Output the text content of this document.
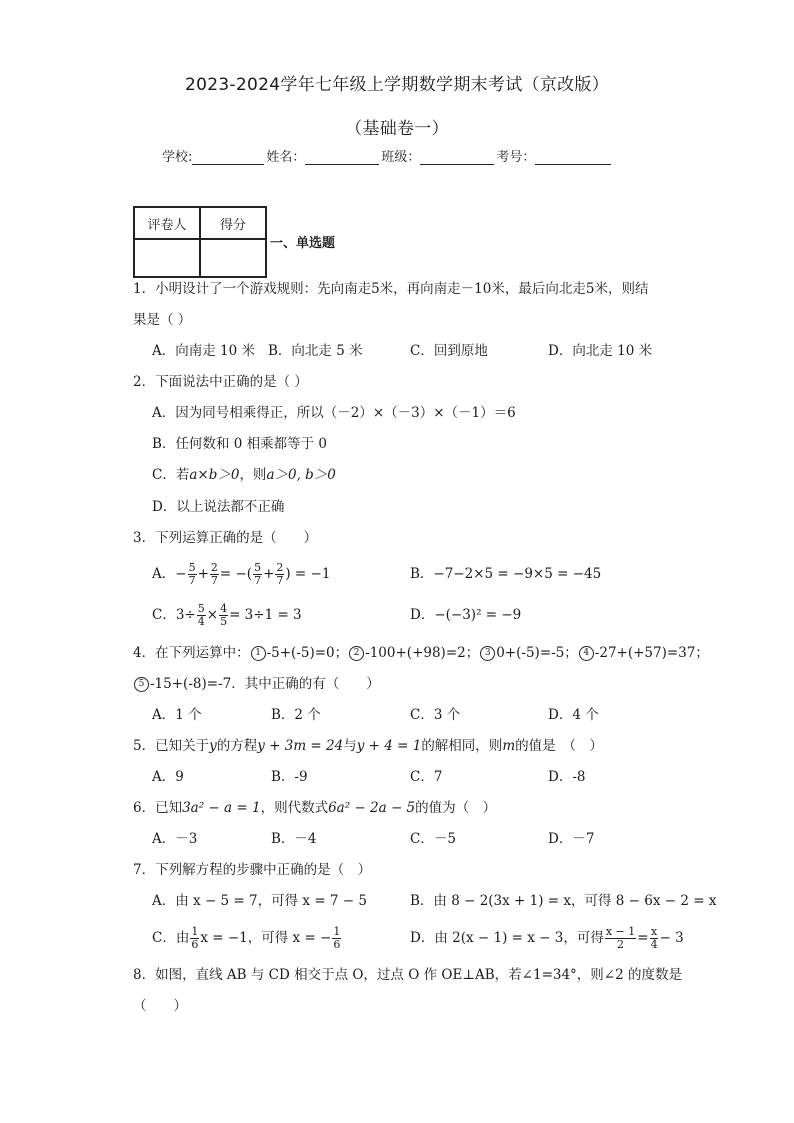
2023-2024学年七年级上学期数学期末考试（京改版）
（基础卷一）
学校:	姓名：	班级：	考号：
评卷人	得分

一、单选题
1．小明设计了一个游戏规则：先向南走5米，再向南走－10米，最后向北走5米，则结
果是（ ）
A．向南走 10 米 B．向北走 5 米	C．回到原地	D．向北走 10 米
2．下面说法中正确的是（ ）
A．因为同号相乘得正，所以（－2）×（－3）×（－1）＝6
B．任何数和 0 相乘都等于 0
C．若a×b＞0，则a＞0, b＞0
D．以上说法都不正确
3．下列运算正确的是（　　）
A．− $\frac{5}{7} + \frac{2}{7}$ = −( $\frac{5}{7} + \frac{2}{7}$ ) = −1	B．−7−2×5 = −9×5 = −45
C．$3\div \frac{5}{4} \times \frac{4}{5} = 3\div 1 = 3$	D．−(−3)² = −9
4．在下列运算中： 1 -5+(-5)=0； 2 -100+(+98)=2； 3 0+(-5)=-5； 4 -27+(+57)=37；
5 -15+(-8)=-7．其中正确的有（　　）
A．1 个	B．2 个	C．3 个	D．4 个
5．已知关于y的方程y + 3m = 24与y + 4 = 1的解相同，则m的值是　（　）
A．9	B．-9	C．7	D．-8
6．已知3a² − a = 1，则代数式6a² − 2a − 5的值为（　）
A．－3	B．－4	C．－5	D．－7
7．下列解方程的步骤中正确的是（　）
A．由 x − 5 = 7，可得 x = 7 − 5	B．由 8 − 2(3x + 1) = x，可得 8 − 6x − 2 = x
C．由 $\frac{1}{6}$ x = −1，可得 x = − $\frac{1}{6}$	D．由 2(x − 1) = x − 3，可得 $\frac{x - 1}{2} = \frac{x}{4} - 3$
8．如图，直线 AB 与 CD 相交于点 O，过点 O 作 OE⊥AB，若∠1=34°，则∠2 的度数是
（　　）
